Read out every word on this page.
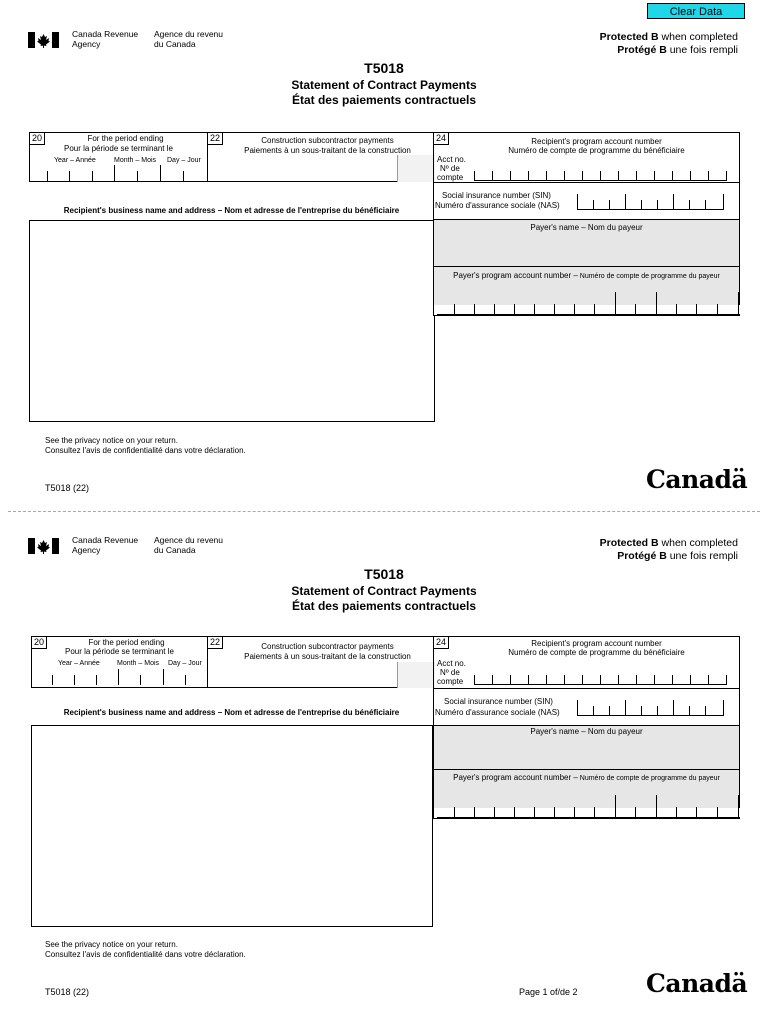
Clear Data
Canada Revenue
Agency
Agence du revenu
du Canada
Protected B when completed
Protégé B une fois rempli
T5018
Statement of Contract Payments
État des paiements contractuels
20	For the period ending
Pour la période se terminant le
Year – Année	Month – Mois Day – Jour
22	Construction subcontractor payments
Paiements à un sous-traitant de la construction
24	Recipient's program account number
Numéro de compte de programme du bénéficiaire
Acct no.
Nº de
compte
Social insurance number (SIN)
Numéro d'assurance sociale (NAS)
Recipient's business name and address – Nom et adresse de l'entreprise du bénéficiaire
Payer's name – Nom du payeur
Payer's program account number – Numéro de compte de programme du payeur
See the privacy notice on your return.
Consultez l'avis de confidentialité dans votre déclaration.
T5018 (22)	Canadä
Canada Revenue
Agency
Agence du revenu
du Canada
Protected B when completed
Protégé B une fois rempli
T5018
Statement of Contract Payments
État des paiements contractuels
20	For the period ending
Pour la période se terminant le
Year – Année Month – Mois Day – Jour
22	Construction subcontractor payments
Paiements à un sous-traitant de la construction
24	Recipient's program account number
Numéro de compte de programme du bénéficiaire
Acct no.
Nº de
compte
Social insurance number (SIN)
Numéro d'assurance sociale (NAS)
Recipient's business name and address – Nom et adresse de l'entreprise du bénéficiaire
Payer's name – Nom du payeur
Payer's program account number – Numéro de compte de programme du payeur
See the privacy notice on your return.
Consultez l'avis de confidentialité dans votre déclaration.
T5018 (22)	Page 1 of/de 2	Canadä
